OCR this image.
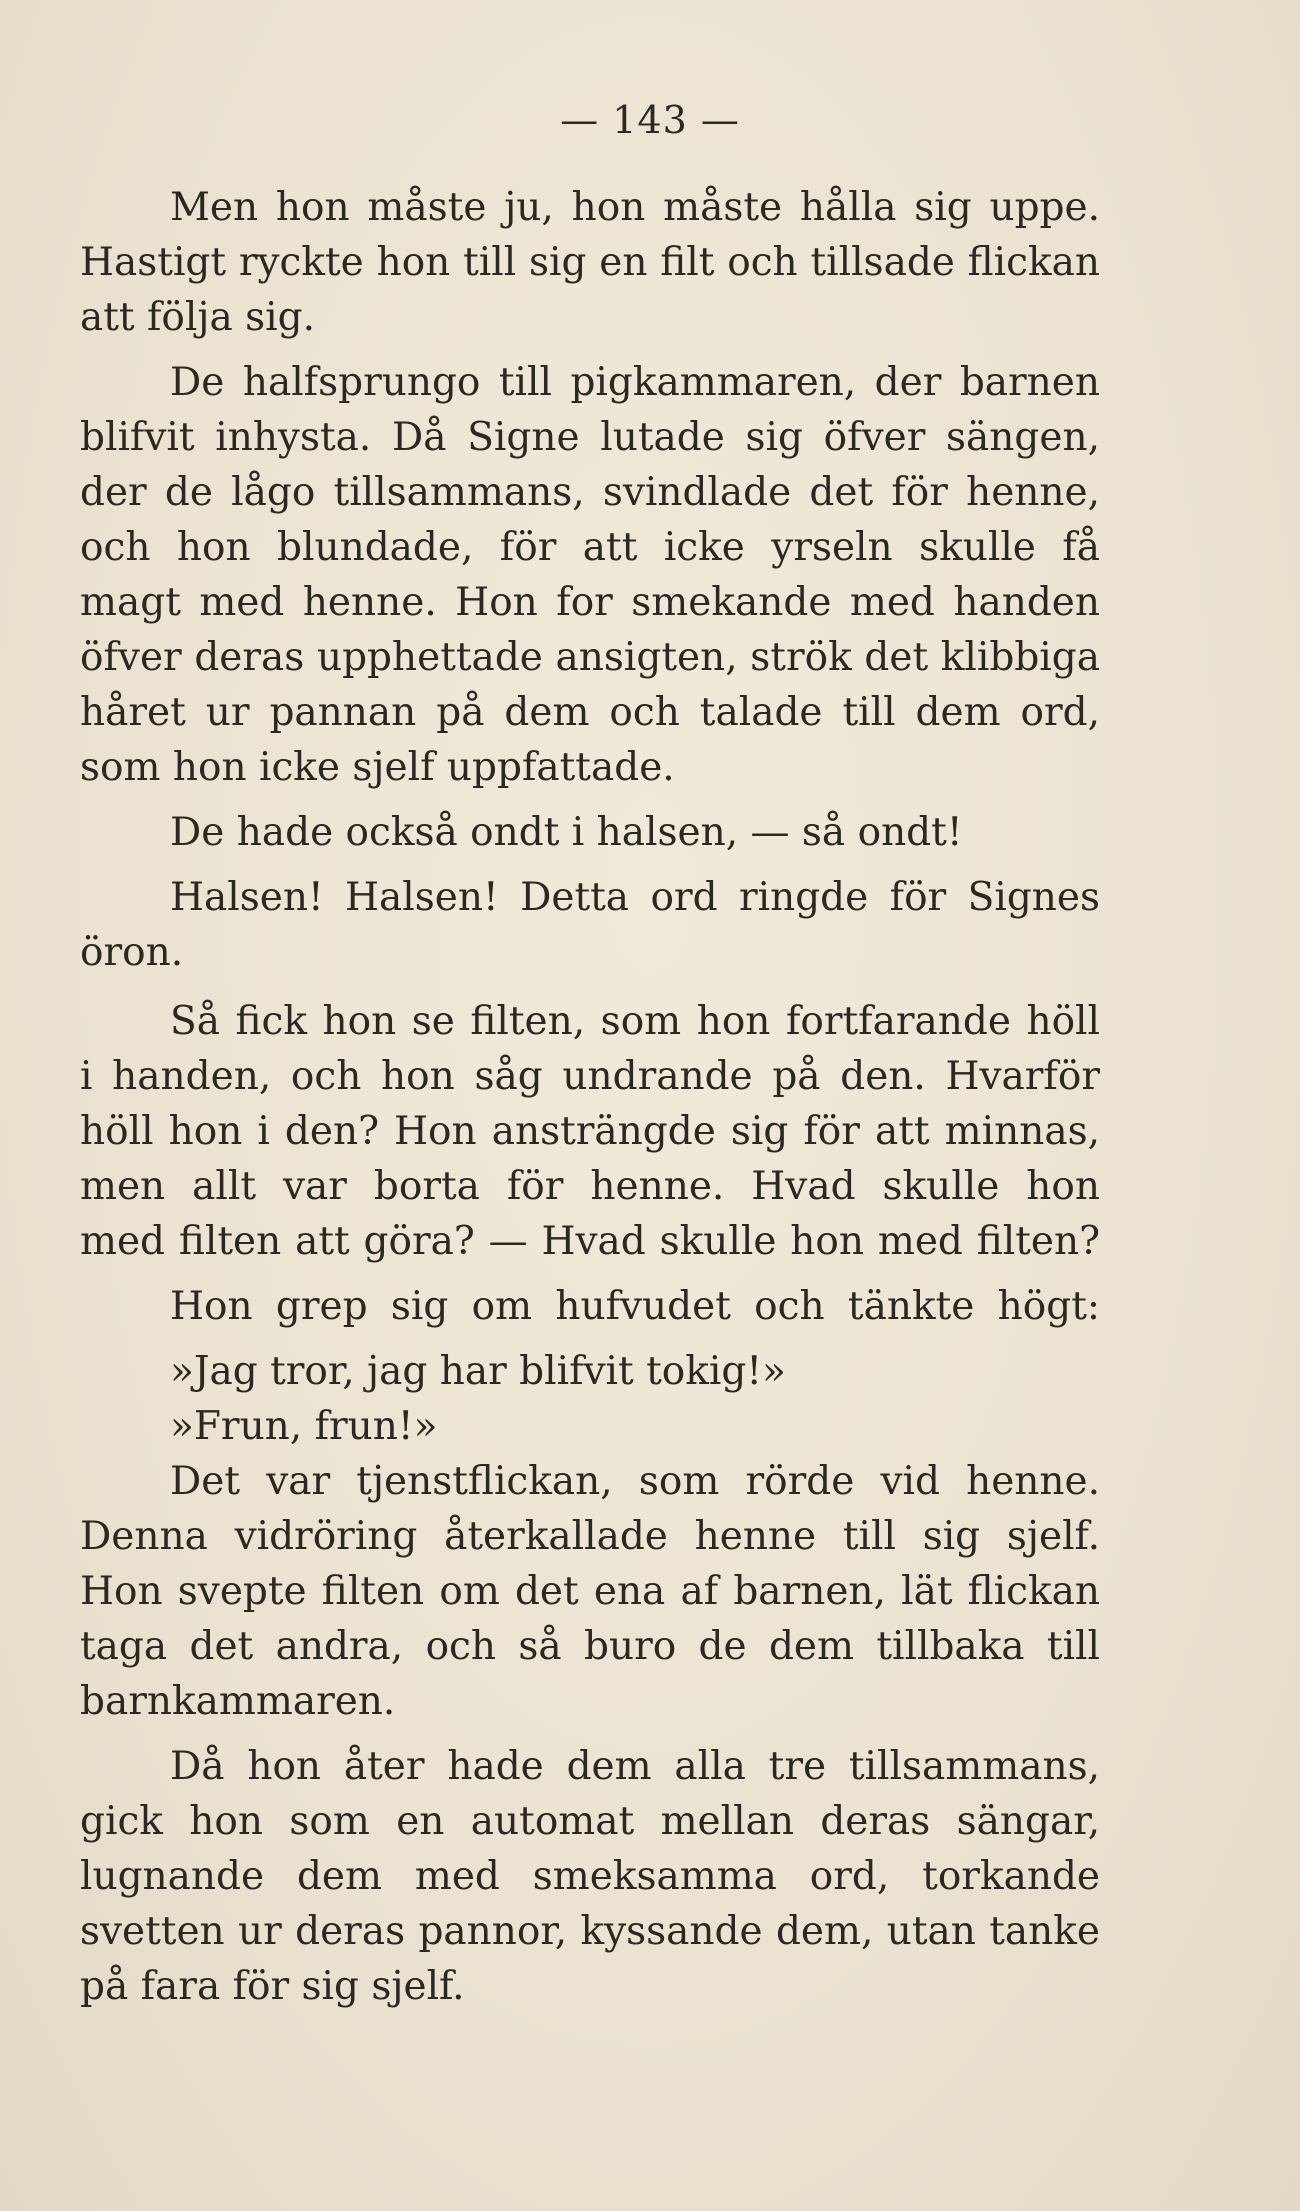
— 143 —
Men hon måste ju, hon måste hålla sig uppe.
Hastigt ryckte hon till sig en filt och tillsade flickan
att följa sig.
De halfsprungo till pigkammaren, der barnen
blifvit inhysta. Då Signe lutade sig öfver sängen,
der de lågo tillsammans, svindlade det för henne,
och hon blundade, för att icke yrseln skulle få
magt med henne. Hon for smekande med handen
öfver deras upphettade ansigten, strök det klibbiga
håret ur pannan på dem och talade till dem ord,
som hon icke sjelf uppfattade.
De hade också ondt i halsen, — så ondt!
Halsen! Halsen! Detta ord ringde för Signes
öron.
Så fick hon se filten, som hon fortfarande höll
i handen, och hon såg undrande på den. Hvarför
höll hon i den? Hon ansträngde sig för att minnas,
men allt var borta för henne. Hvad skulle hon
med filten att göra? — Hvad skulle hon med filten?
Hon grep sig om hufvudet och tänkte högt:
»Jag tror, jag har blifvit tokig!»
»Frun, frun!»
Det var tjenstflickan, som rörde vid henne.
Denna vidröring återkallade henne till sig sjelf.
Hon svepte filten om det ena af barnen, lät flickan
taga det andra, och så buro de dem tillbaka till
barnkammaren.
Då hon åter hade dem alla tre tillsammans,
gick hon som en automat mellan deras sängar,
lugnande dem med smeksamma ord, torkande
svetten ur deras pannor, kyssande dem, utan tanke
på fara för sig sjelf.
